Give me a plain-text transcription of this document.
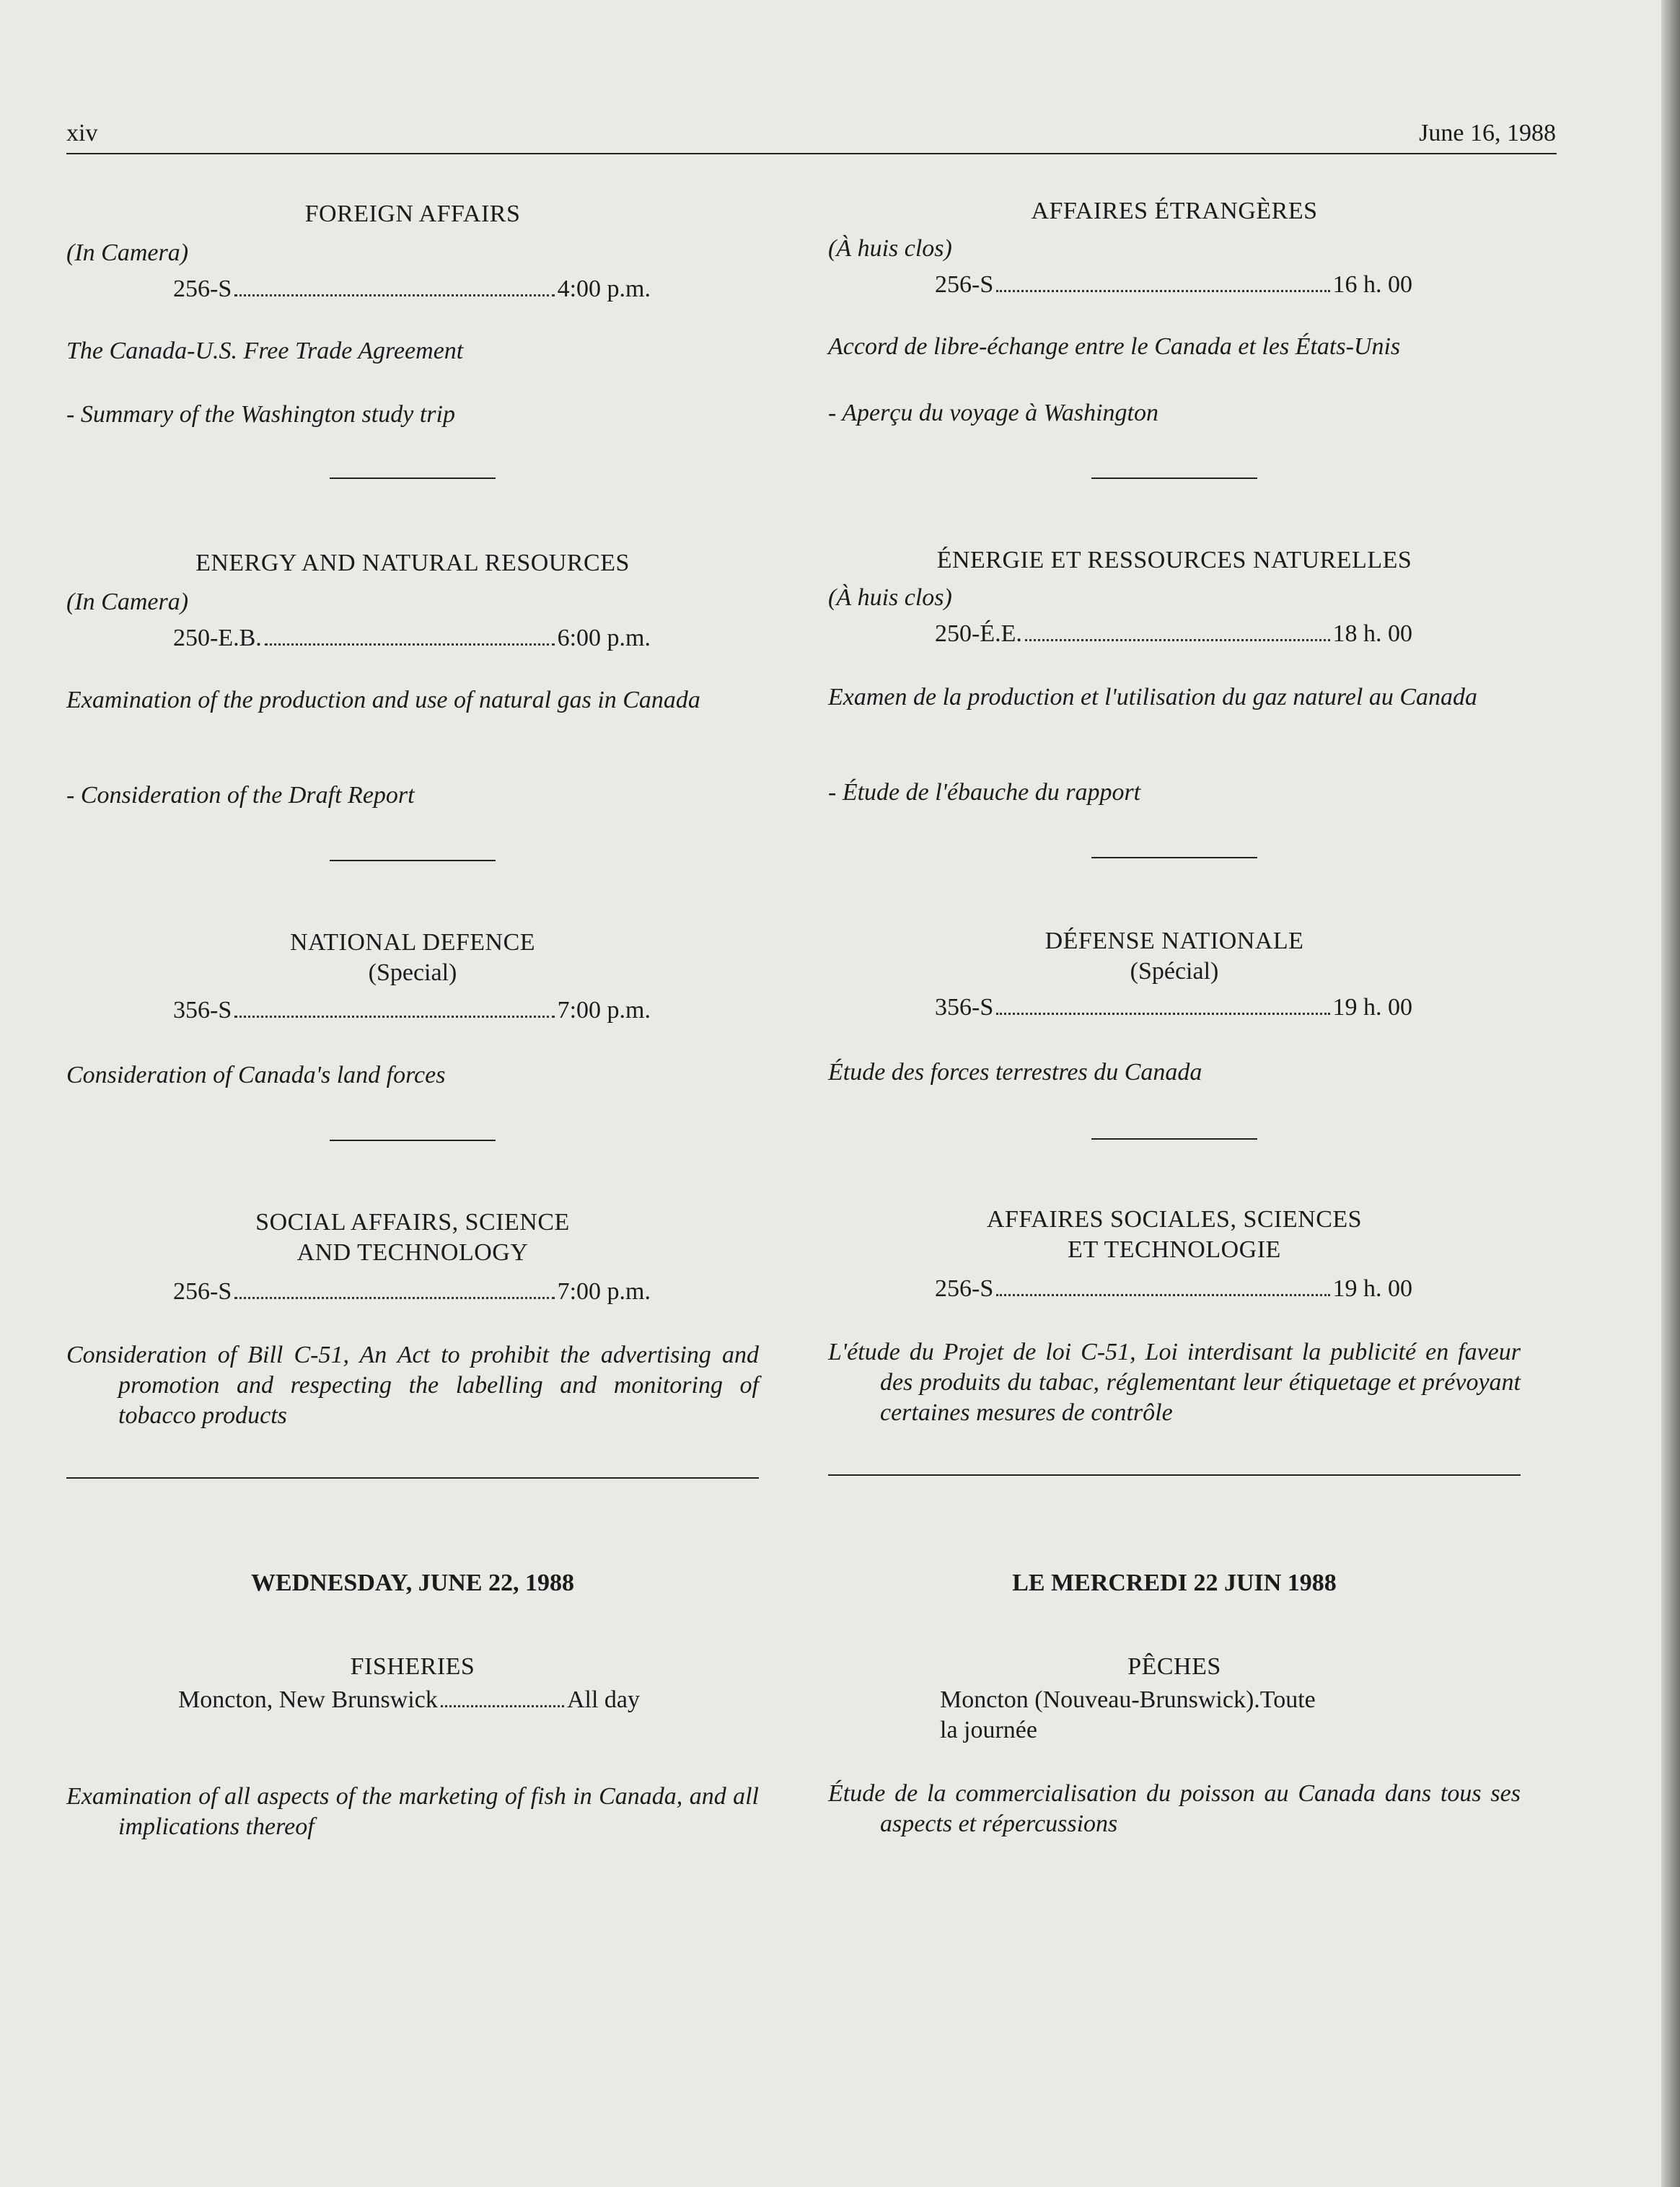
xiv	June 16, 1988
FOREIGN AFFAIRS
(In Camera)
256-S	4:00 p.m.
The Canada-U.S. Free Trade Agreement
- Summary of the Washington study trip
ENERGY AND NATURAL RESOURCES
(In Camera)
250-E.B.	6:00 p.m.
Examination of the production and use of natural gas in Canada
- Consideration of the Draft Report
NATIONAL DEFENCE
(Special)
356-S	7:00 p.m.
Consideration of Canada's land forces
SOCIAL AFFAIRS, SCIENCE
AND TECHNOLOGY
256-S	7:00 p.m.
Consideration of Bill C-51, An Act to prohibit the advertising and promotion and respecting the labelling and monitoring of tobacco products
WEDNESDAY, JUNE 22, 1988
FISHERIES
Moncton, New Brunswick	All day
Examination of all aspects of the marketing of fish in Canada, and all implications thereof
AFFAIRES ÉTRANGÈRES
(À huis clos)
256-S	16 h. 00
Accord de libre-échange entre le Canada et les États-Unis
- Aperçu du voyage à Washington
ÉNERGIE ET RESSOURCES NATURELLES
(À huis clos)
250-É.E.	18 h. 00
Examen de la production et l'utilisation du gaz naturel au Canada
- Étude de l'ébauche du rapport
DÉFENSE NATIONALE
(Spécial)
356-S	19 h. 00
Étude des forces terrestres du Canada
AFFAIRES SOCIALES, SCIENCES
ET TECHNOLOGIE
256-S	19 h. 00
L'étude du Projet de loi C-51, Loi interdisant la publicité en faveur des produits du tabac, réglementant leur étiquetage et prévoyant certaines mesures de contrôle
LE MERCREDI 22 JUIN 1988
PÊCHES
Moncton (Nouveau-Brunswick).Toute la journée
Étude de la commercialisation du poisson au Canada dans tous ses aspects et répercussions
